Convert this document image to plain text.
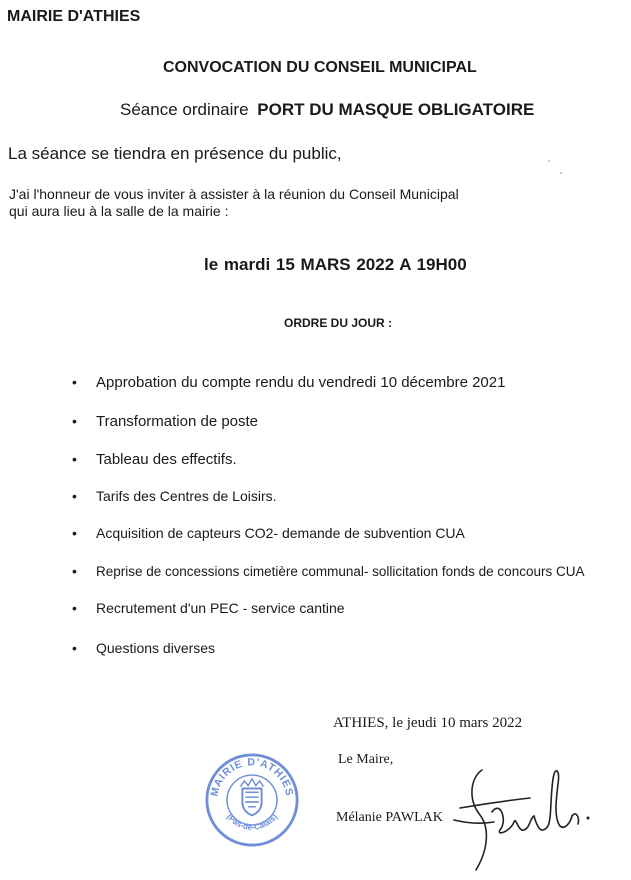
MAIRIE D'ATHIES
CONVOCATION DU CONSEIL MUNICIPAL
Séance ordinaire PORT DU MASQUE OBLIGATOIRE
La séance se tiendra en présence du public,
J'ai l'honneur de vous inviter à assister à la réunion du Conseil Municipal
qui aura lieu à la salle de la mairie :
le mardi 15 MARS 2022 A 19H00
ORDRE DU JOUR :
• Approbation du compte rendu du vendredi 10 décembre 2021
• Transformation de poste
• Tableau des effectifs.
• Tarifs des Centres de Loisirs.
• Acquisition de capteurs CO2- demande de subvention CUA
• Reprise de concessions cimetière communal- sollicitation fonds de concours CUA
• Recrutement d'un PEC - service cantine
• Questions diverses
ATHIES, le jeudi 10 mars 2022
Le Maire,
Mélanie PAWLAK
MAIRIE D'ATHIES
(Pas-de-Calais)
